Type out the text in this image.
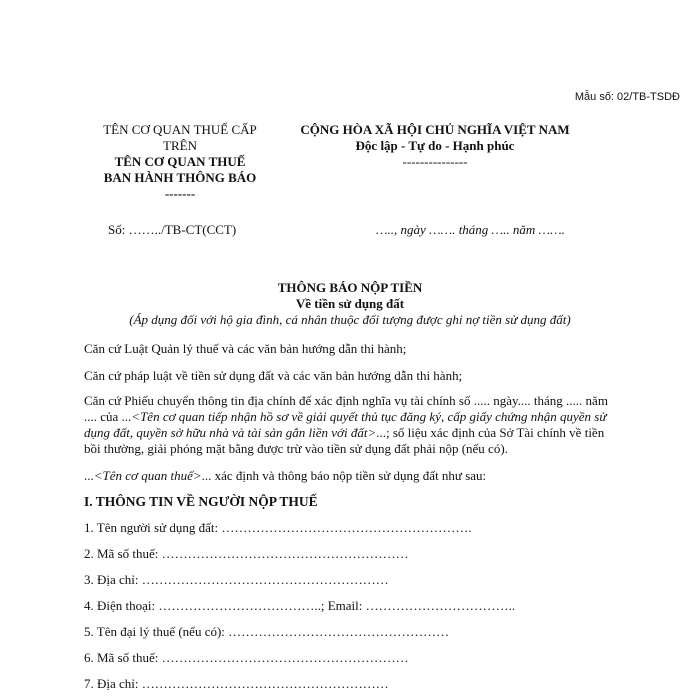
Mẫu số: 02/TB-TSDĐ
TÊN CƠ QUAN THUẾ CẤP
TRÊN
TÊN CƠ QUAN THUẾ
BAN HÀNH THÔNG BÁO
-------
CỘNG HÒA XÃ HỘI CHỦ NGHĨA VIỆT NAM
Độc lập - Tự do - Hạnh phúc
---------------
Số: ……../TB-CT(CCT)	….., ngày ……. tháng ….. năm …….
THÔNG BÁO NỘP TIỀN
Về tiền sử dụng đất
(Áp dụng đối với hộ gia đình, cá nhân thuộc đối tượng được ghi nợ tiền sử dụng đất)
Căn cứ Luật Quản lý thuế và các văn bản hướng dẫn thi hành;
Căn cứ pháp luật về tiền sử dụng đất và các văn bản hướng dẫn thi hành;
Căn cứ Phiếu chuyển thông tin địa chính để xác định nghĩa vụ tài chính số ..... ngày.... tháng ..... năm .... của ...<Tên cơ quan tiếp nhận hồ sơ về giải quyết thủ tục đăng ký, cấp giấy chứng nhận quyền sử dụng đất, quyền sở hữu nhà và tài sản gắn liền với đất>...; số liệu xác định của Sở Tài chính về tiền bồi thường, giải phóng mặt bằng được trừ vào tiền sử dụng đất phải nộp (nếu có).
...<Tên cơ quan thuế>... xác định và thông báo nộp tiền sử dụng đất như sau:
I. THÔNG TIN VỀ NGƯỜI NỘP THUẾ
1. Tên người sử dụng đất: ………………………………………………….
2. Mã số thuế: …………………………………………………
3. Địa chỉ: …………………………………………………
4. Điện thoại: ………………………………..; Email: ……………………………..
5. Tên đại lý thuế (nếu có): ……………………………………………
6. Mã số thuế: …………………………………………………
7. Địa chỉ: …………………………………………………
